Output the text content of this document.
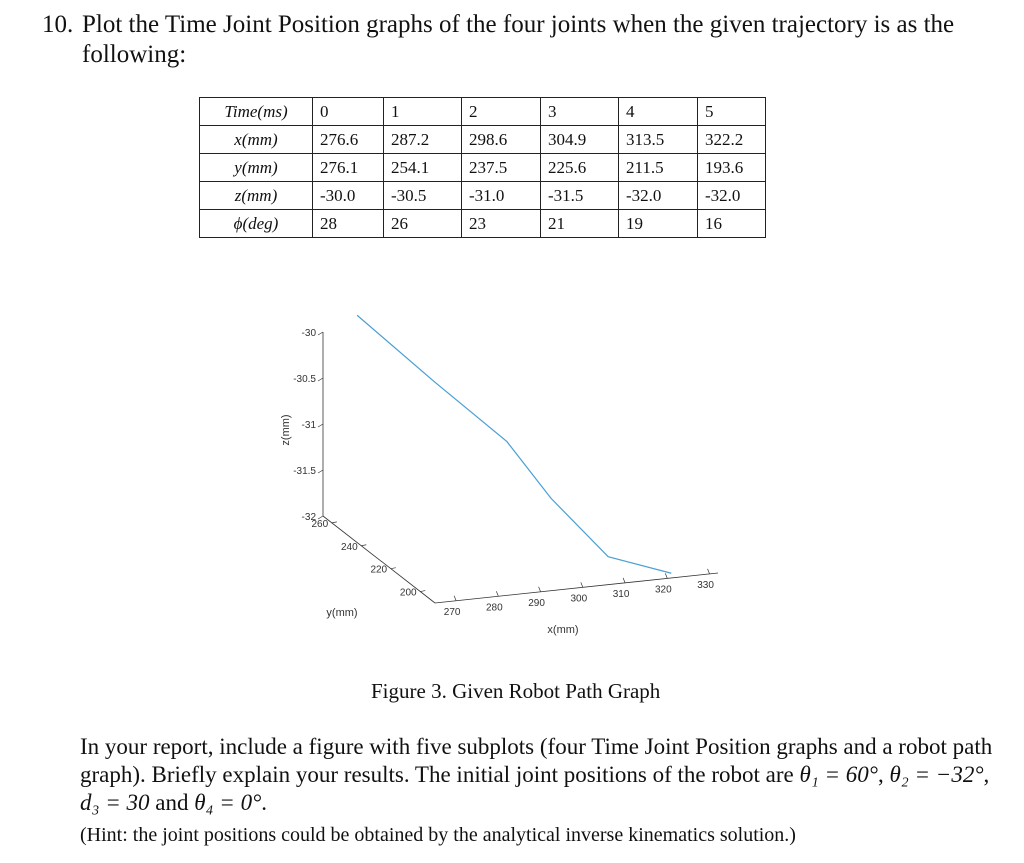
10. Plot the Time Joint Position graphs of the four joints when the given trajectory is as the following:
Time(ms)	0	1	2	3	4	5
x(mm)	276.6	287.2	298.6	304.9	313.5	322.2
y(mm)	276.1	254.1	237.5	225.6	211.5	193.6
z(mm)	-30.0	-30.5	-31.0	-31.5	-32.0	-32.0
ϕ(deg)	28	26	23	21	19	16
270	280	290	300	310	320	330
200
220
240
260
-30
-30.5
-31
-31.5
-32
x(mm)
y(mm)
z(mm)

Figure 3. Given Robot Path Graph

In your report, include a figure with five subplots (four Time Joint Position graphs and a robot path graph). Briefly explain your results. The initial joint positions of the robot are θ₁ = 60°, θ₂ = −32°, d₃ = 30 and θ₄ = 0°.

(Hint: the joint positions could be obtained by the analytical inverse kinematics solution.)
